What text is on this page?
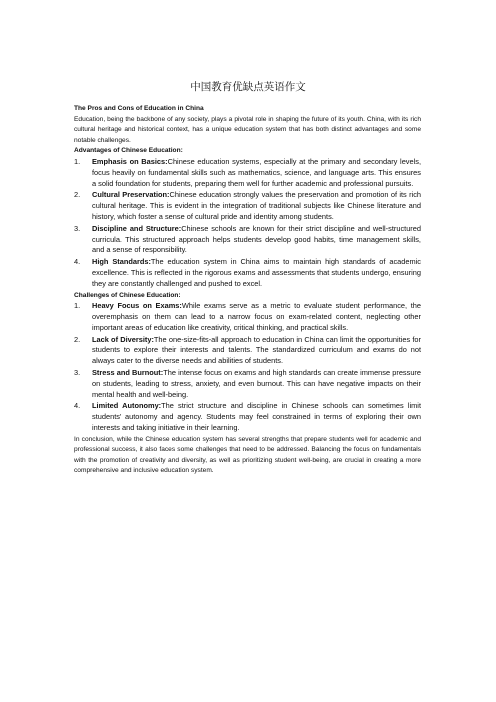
中国教育优缺点英语作文

The Pros and Cons of Education in China

Education, being the backbone of any society, plays a pivotal role in shaping the future of its youth. China, with its rich cultural heritage and historical context, has a unique education system that has both distinct advantages and some notable challenges.

Advantages of Chinese Education:

1. Emphasis on Basics:Chinese education systems, especially at the primary and secondary levels, focus heavily on fundamental skills such as mathematics, science, and language arts. This ensures a solid foundation for students, preparing them well for further academic and professional pursuits.
2. Cultural Preservation:Chinese education strongly values the preservation and promotion of its rich cultural heritage. This is evident in the integration of traditional subjects like Chinese literature and history, which foster a sense of cultural pride and identity among students.
3. Discipline and Structure:Chinese schools are known for their strict discipline and well-structured curricula. This structured approach helps students develop good habits, time management skills, and a sense of responsibility.
4. High Standards:The education system in China aims to maintain high standards of academic excellence. This is reflected in the rigorous exams and assessments that students undergo, ensuring they are constantly challenged and pushed to excel.

Challenges of Chinese Education:

1. Heavy Focus on Exams:While exams serve as a metric to evaluate student performance, the overemphasis on them can lead to a narrow focus on exam-related content, neglecting other important areas of education like creativity, critical thinking, and practical skills.
2. Lack of Diversity:The one-size-fits-all approach to education in China can limit the opportunities for students to explore their interests and talents. The standardized curriculum and exams do not always cater to the diverse needs and abilities of students.
3. Stress and Burnout:The intense focus on exams and high standards can create immense pressure on students, leading to stress, anxiety, and even burnout. This can have negative impacts on their mental health and well-being.
4. Limited Autonomy:The strict structure and discipline in Chinese schools can sometimes limit students' autonomy and agency. Students may feel constrained in terms of exploring their own interests and taking initiative in their learning.

In conclusion, while the Chinese education system has several strengths that prepare students well for academic and professional success, it also faces some challenges that need to be addressed. Balancing the focus on fundamentals with the promotion of creativity and diversity, as well as prioritizing student well-being, are crucial in creating a more comprehensive and inclusive education system.
